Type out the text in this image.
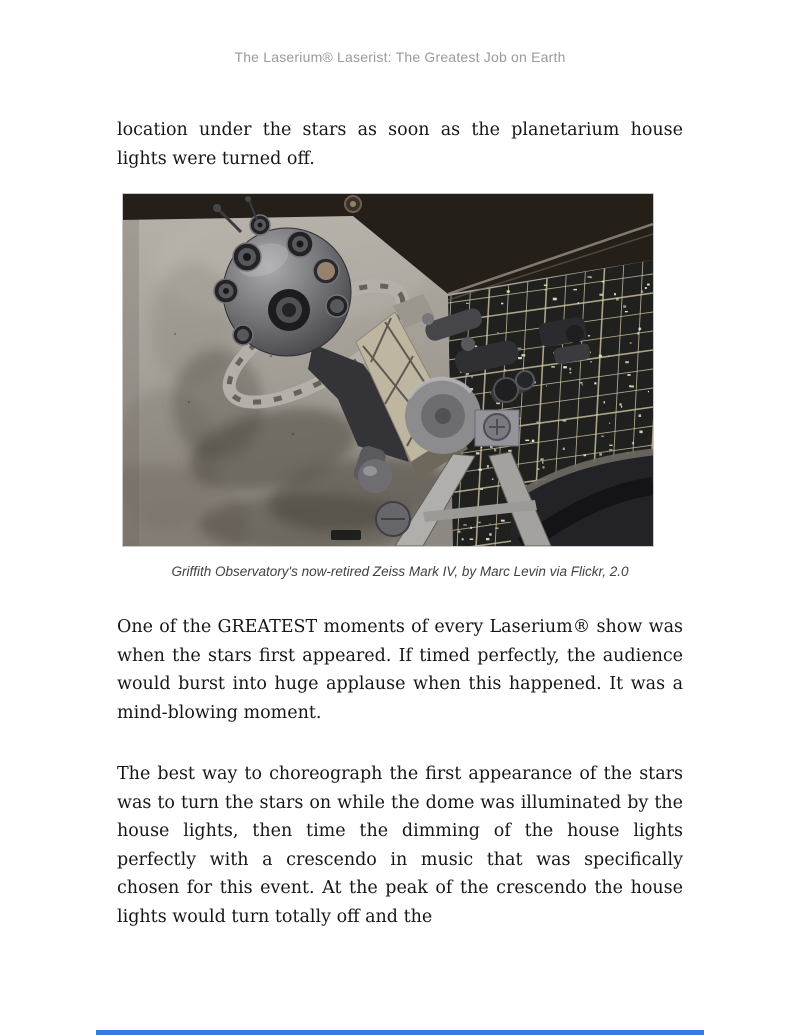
The Laserium® Laserist: The Greatest Job on Earth

location under the stars as soon as the planetarium house lights were turned off.

Griffith Observatory's now-retired Zeiss Mark IV, by Marc Levin via Flickr, 2.0

One of the GREATEST moments of every Laserium® show was when the stars first appeared. If timed perfectly, the audience would burst into huge applause when this happened. It was a mind-blowing moment.

The best way to choreograph the first appearance of the stars was to turn the stars on while the dome was illuminated by the house lights, then time the dimming of the house lights perfectly with a crescendo in music that was specifically chosen for this event. At the peak of the crescendo the house lights would turn totally off and the
